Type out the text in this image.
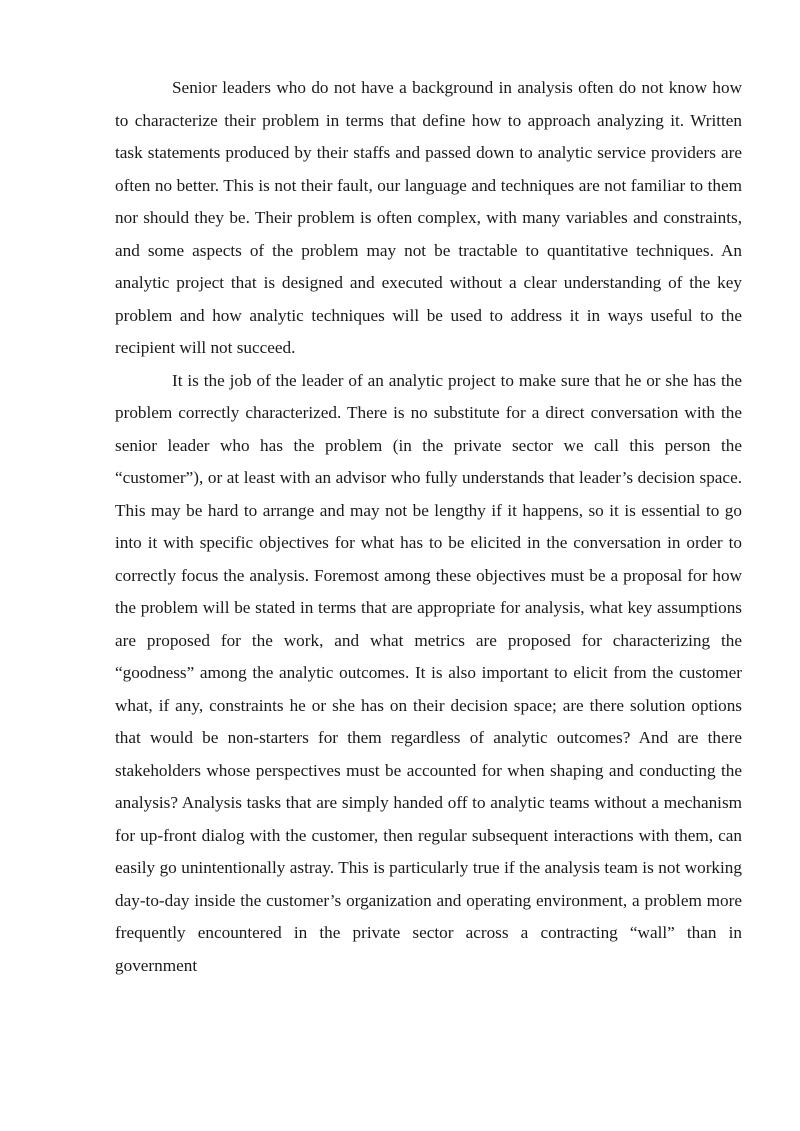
Senior leaders who do not have a background in analysis often do not know how to characterize their problem in terms that define how to approach analyzing it. Written task statements produced by their staffs and passed down to analytic service providers are often no better. This is not their fault, our language and techniques are not familiar to them nor should they be. Their problem is often complex, with many variables and constraints, and some aspects of the problem may not be tractable to quantitative techniques. An analytic project that is designed and executed without a clear understanding of the key problem and how analytic techniques will be used to address it in ways useful to the recipient will not succeed.

It is the job of the leader of an analytic project to make sure that he or she has the problem correctly characterized. There is no substitute for a direct conversation with the senior leader who has the problem (in the private sector we call this person the “customer”), or at least with an advisor who fully understands that leader’s decision space. This may be hard to arrange and may not be lengthy if it happens, so it is essential to go into it with specific objectives for what has to be elicited in the conversation in order to correctly focus the analysis. Foremost among these objectives must be a proposal for how the problem will be stated in terms that are appropriate for analysis, what key assumptions are proposed for the work, and what metrics are proposed for characterizing the “goodness” among the analytic outcomes. It is also important to elicit from the customer what, if any, constraints he or she has on their decision space; are there solution options that would be non-starters for them regardless of analytic outcomes? And are there stakeholders whose perspectives must be accounted for when shaping and conducting the analysis? Analysis tasks that are simply handed off to analytic teams without a mechanism for up-front dialog with the customer, then regular subsequent interactions with them, can easily go unintentionally astray. This is particularly true if the analysis team is not working day-to-day inside the customer’s organization and operating environment, a problem more frequently encountered in the private sector across a contracting “wall” than in government
